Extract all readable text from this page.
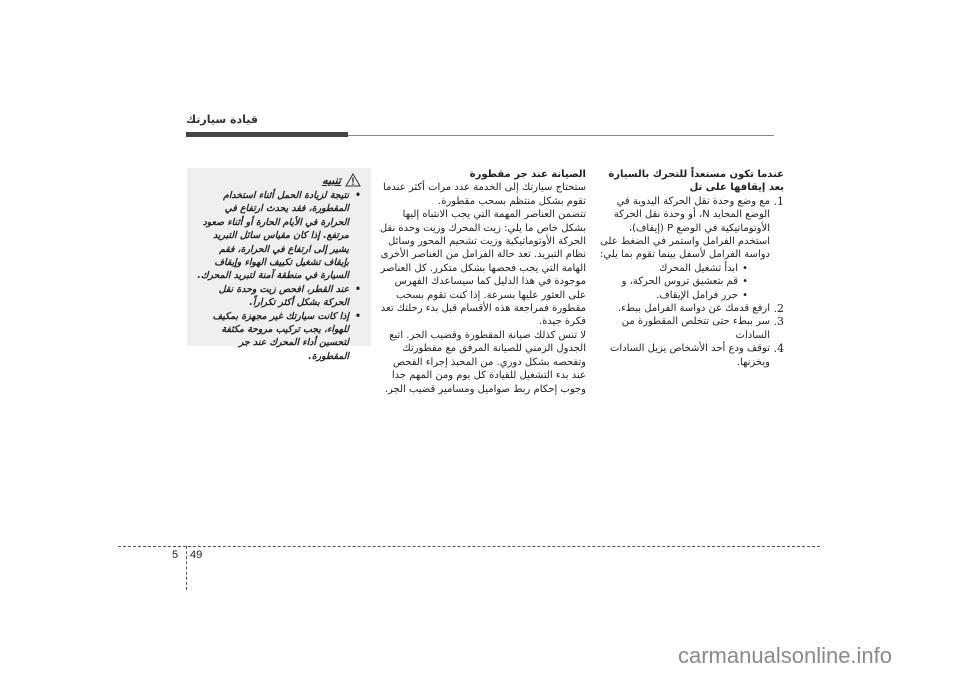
قيادة سيارتك
عندما تكون مستعداً للتحرك بالسيارة بعد إيقافها على تل
1.
مع وضع وحدة نقل الحركة اليدوية في الوضع المحايد N، أو وحدة نقل الحركة الأوتوماتيكية في الوضع P (إيقاف)، استخدم الفرامل واستمر في الضغط على دواسة الفرامل لأسفل بينما تقوم بما يلي:
• ابدأ تشغيل المحرك
• قم بتعشيق تروس الحركة، و
• حرر فرامل الإيقاف.
2.
ارفع قدمك عن دواسة الفرامل ببطء.
3.
سر ببطء حتى تتخلص المقطورة من السادات
4.
توقف ودع أحد الأشخاص يزيل السادات ويخزنها.
الصيانة عند جر مقطورة
ستحتاج سيارتك إلى الخدمة عدد مرات أكثر عندما تقوم بشكل منتظم بسحب مقطورة.
تتضمن العناصر المهمة التي يجب الانتباه إليها بشكل خاص ما يلي: زيت المحرك وزيت وحدة نقل الحركة الأوتوماتيكية وزيت تشحيم المحور وسائل نظام التبريد. تعد حالة الفرامل من العناصر الأخرى الهامة التي يجب فحصها بشكل متكرر. كل العناصر موجودة في هذا الدليل كما سيساعدك الفهرس على العثور عليها بسرعة. إذا كنت تقوم بسحب مقطورة فمراجعة هذه الأقسام قبل بدء رحلتك تعد فكرة جيدة.
لا تنس كذلك صيانة المقطورة وقضيب الجر. اتبع الجدول الزمني للصيانة المرفق مع مقطورتك وتفحصه بشكل دوري. من المحبذ إجراء الفحص عند بدء التشغيل للقيادة كل يوم ومن المهم جدا وجوب إحكام ربط صواميل ومسامير قضيب الجر.
تنبيه
• نتيجة لزيادة الحمل أثناء استخدام المقطورة، فقد يحدث ارتفاع في الحرارة في الأيام الحارة أو أثناء صعود مرتفع. إذا كان مقياس سائل التبريد يشير إلى ارتفاع في الحرارة، فقم بإيقاف تشغيل تكييف الهواء وإيقاف السيارة في منطقة آمنة لتبريد المحرك.
• عند القطر، افحص زيت وحدة نقل الحركة بشكل أكثر تكراراً.
• إذا كانت سيارتك غير مجهزة بمكيف للهواء، يجب تركيب مروحة مكثفة لتحسين أداء المحرك عند جر المقطورة.
5 49
carmanualsonline.info
